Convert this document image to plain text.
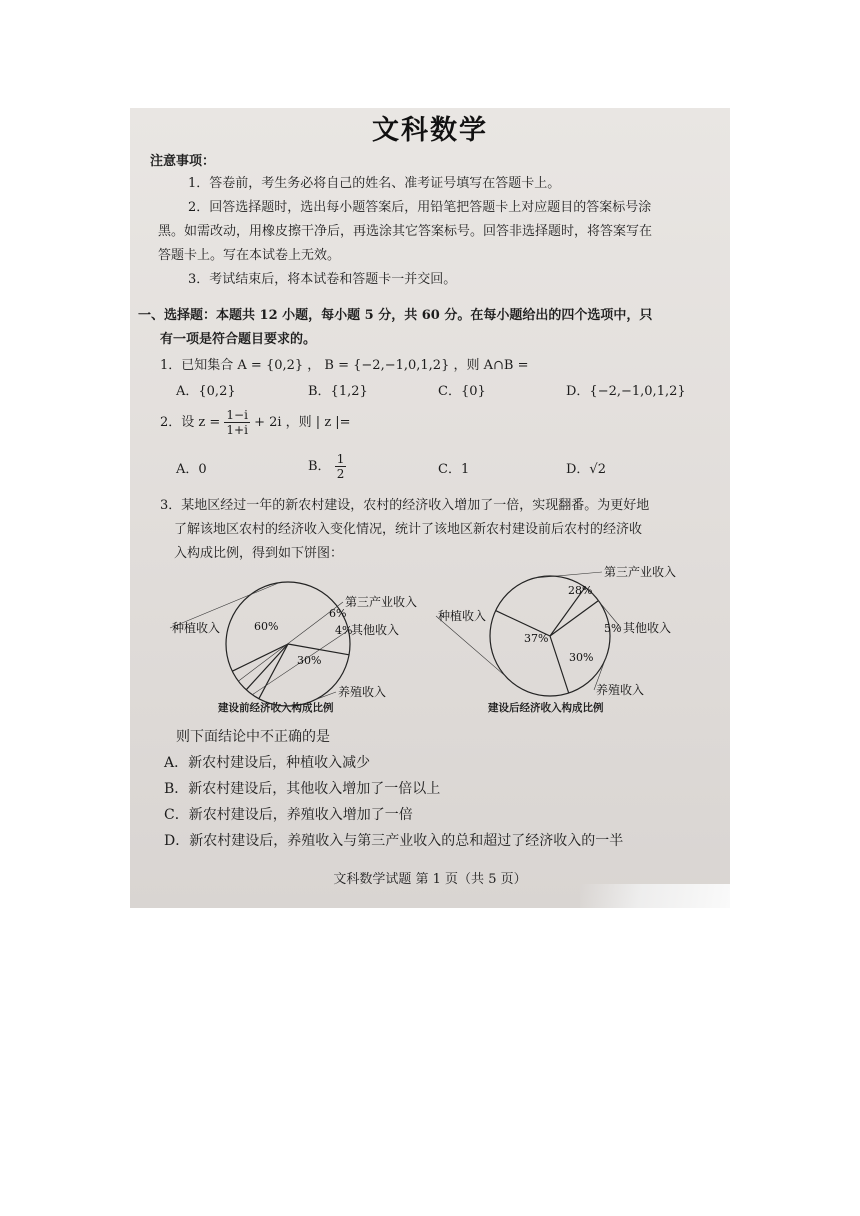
文科数学
注意事项：
1．答卷前，考生务必将自己的姓名、准考证号填写在答题卡上。
2．回答选择题时，选出每小题答案后，用铅笔把答题卡上对应题目的答案标号涂
黑。如需改动，用橡皮擦干净后，再选涂其它答案标号。回答非选择题时，将答案写在
答题卡上。写在本试卷上无效。
3．考试结束后，将本试卷和答题卡一并交回。
一、选择题：本题共 12 小题，每小题 5 分，共 60 分。在每小题给出的四个选项中，只
有一项是符合题目要求的。
1．已知集合 A = {0,2} ， B = {−2,−1,0,1,2} ，则 A∩B =
A．{0,2}	B．{1,2}	C．{0}	D．{−2,−1,0,1,2}
2．设 $z = \frac{1-i}{1+i} + 2i$ ，则 | z |=
A．0	B． $\frac{1}{2}$	C．1	D．√2
3．某地区经过一年的新农村建设，农村的经济收入增加了一倍，实现翻番。为更好地
了解该地区农村的经济收入变化情况，统计了该地区新农村建设前后农村的经济收
入构成比例，得到如下饼图：
60%
种植收入
6%
第三产业收入
4%
其他收入
30%
养殖收入
28%
第三产业收入
5% 其他收入
30%
养殖收入
37%
种植收入
建设前经济收入构成比例	建设后经济收入构成比例
则下面结论中不正确的是
A．新农村建设后，种植收入减少
B．新农村建设后，其他收入增加了一倍以上
C．新农村建设后，养殖收入增加了一倍
D．新农村建设后，养殖收入与第三产业收入的总和超过了经济收入的一半
文科数学试题 第 1 页（共 5 页）
